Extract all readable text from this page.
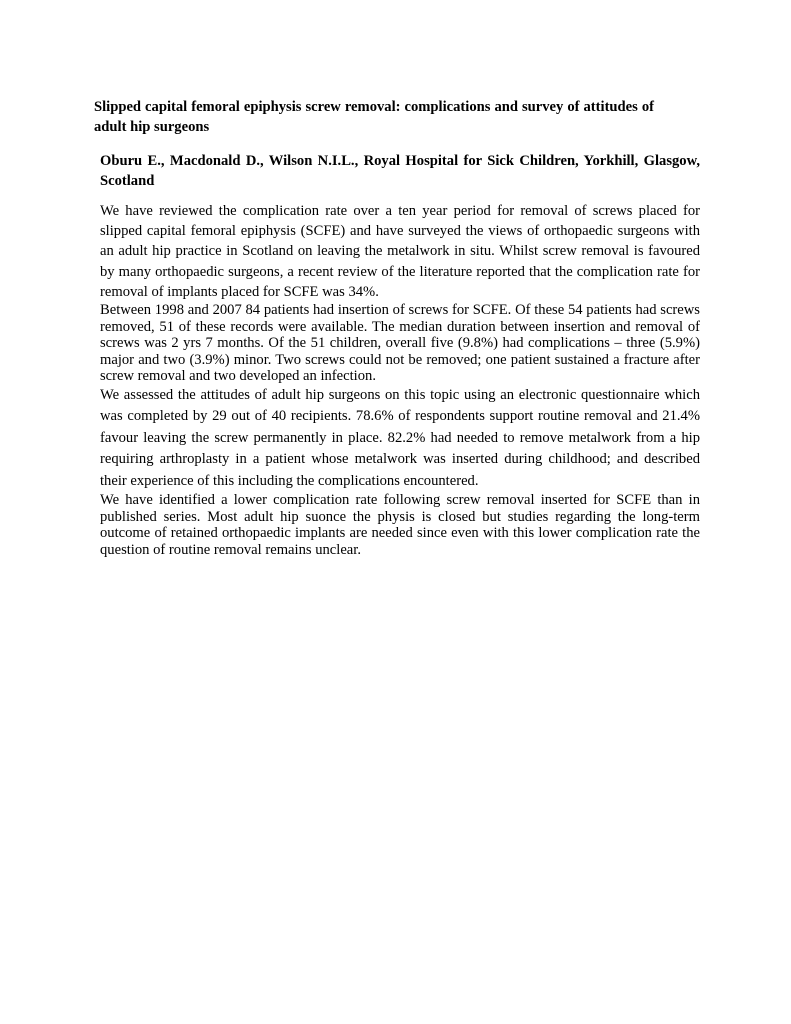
Slipped capital femoral epiphysis screw removal: complications and survey of attitudes of adult hip surgeons

Oburu E., Macdonald D., Wilson N.I.L., Royal Hospital for Sick Children, Yorkhill, Glasgow, Scotland

We have reviewed the complication rate over a ten year period for removal of screws placed for slipped capital femoral epiphysis (SCFE) and have surveyed the views of orthopaedic surgeons with an adult hip practice in Scotland on leaving the metalwork in situ. Whilst screw removal is favoured by many orthopaedic surgeons, a recent review of the literature reported that the complication rate for removal of implants placed for SCFE was 34%.

Between 1998 and 2007 84 patients had insertion of screws for SCFE. Of these 54 patients had screws removed, 51 of these records were available. The median duration between insertion and removal of screws was 2 yrs 7 months. Of the 51 children, overall five (9.8%) had complications – three (5.9%) major and two (3.9%) minor. Two screws could not be removed; one patient sustained a fracture after screw removal and two developed an infection.

We assessed the attitudes of adult hip surgeons on this topic using an electronic questionnaire which was completed by 29 out of 40 recipients. 78.6% of respondents support routine removal and 21.4% favour leaving the screw permanently in place. 82.2% had needed to remove metalwork from a hip requiring arthroplasty in a patient whose metalwork was inserted during childhood; and described their experience of this including the complications encountered.

We have identified a lower complication rate following screw removal inserted for SCFE than in published series. Most adult hip suonce the physis is closed but studies regarding the long-term outcome of retained orthopaedic implants are needed since even with this lower complication rate the question of routine removal remains unclear.
